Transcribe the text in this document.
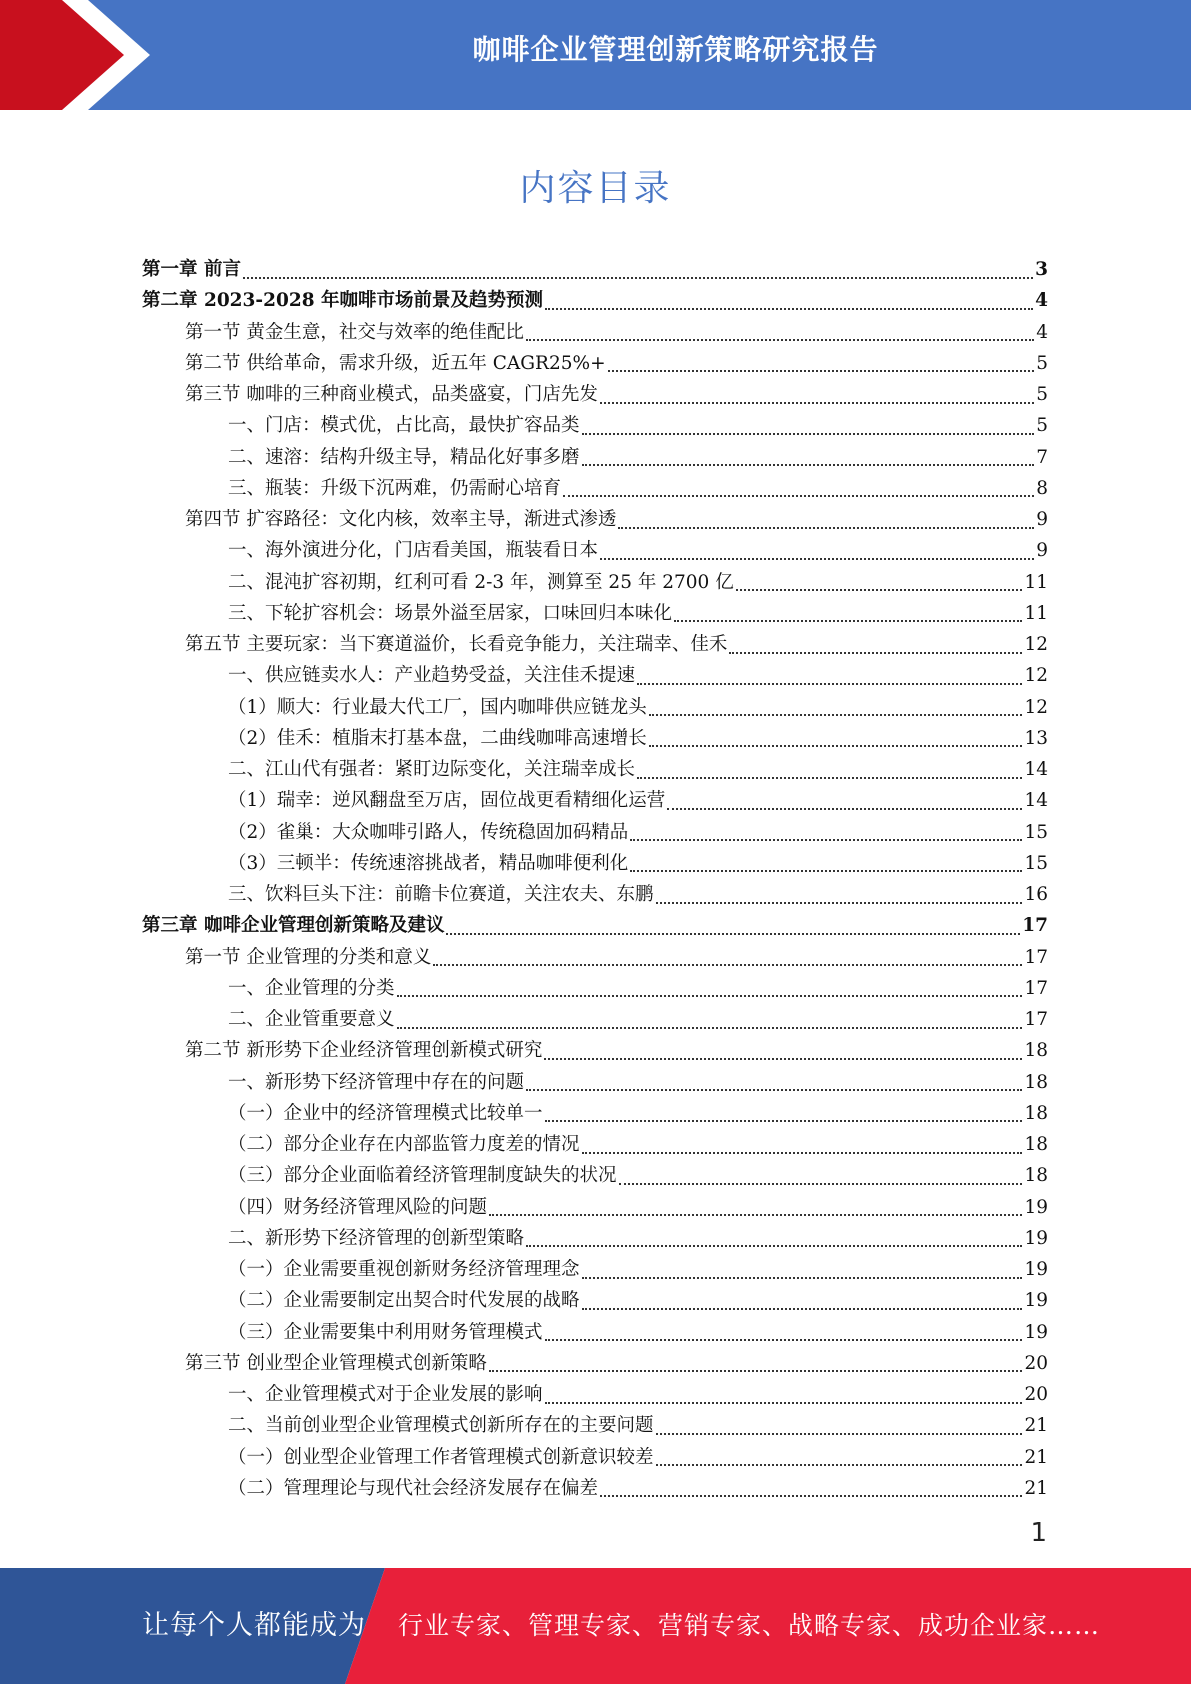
咖啡企业管理创新策略研究报告
内容目录
第一章 前言	3
第二章 2023-2028 年咖啡市场前景及趋势预测	4
第一节 黄金生意，社交与效率的绝佳配比	4
第二节 供给革命，需求升级，近五年 CAGR25%+	5
第三节 咖啡的三种商业模式，品类盛宴，门店先发	5
一、门店：模式优，占比高，最快扩容品类	5
二、速溶：结构升级主导，精品化好事多磨	7
三、瓶装：升级下沉两难，仍需耐心培育	8
第四节 扩容路径：文化内核，效率主导，渐进式渗透	9
一、海外演进分化，门店看美国，瓶装看日本	9
二、混沌扩容初期，红利可看 2-3 年，测算至 25 年 2700 亿	11
三、下轮扩容机会：场景外溢至居家，口味回归本味化	11
第五节 主要玩家：当下赛道溢价，长看竞争能力，关注瑞幸、佳禾	12
一、供应链卖水人：产业趋势受益，关注佳禾提速	12
（1）顺大：行业最大代工厂，国内咖啡供应链龙头	12
（2）佳禾：植脂末打基本盘，二曲线咖啡高速增长	13
二、江山代有强者：紧盯边际变化，关注瑞幸成长	14
（1）瑞幸：逆风翻盘至万店，固位战更看精细化运营	14
（2）雀巢：大众咖啡引路人，传统稳固加码精品	15
（3）三顿半：传统速溶挑战者，精品咖啡便利化	15
三、饮料巨头下注：前瞻卡位赛道，关注农夫、东鹏	16
第三章 咖啡企业管理创新策略及建议	17
第一节 企业管理的分类和意义	17
一、企业管理的分类	17
二、企业管重要意义	17
第二节 新形势下企业经济管理创新模式研究	18
一、新形势下经济管理中存在的问题	18
（一）企业中的经济管理模式比较单一	18
（二）部分企业存在内部监管力度差的情况	18
（三）部分企业面临着经济管理制度缺失的状况	18
（四）财务经济管理风险的问题	19
二、新形势下经济管理的创新型策略	19
（一）企业需要重视创新财务经济管理理念	19
（二）企业需要制定出契合时代发展的战略	19
（三）企业需要集中利用财务管理模式	19
第三节 创业型企业管理模式创新策略	20
一、企业管理模式对于企业发展的影响	20
二、当前创业型企业管理模式创新所存在的主要问题	21
（一）创业型企业管理工作者管理模式创新意识较差	21
（二）管理理论与现代社会经济发展存在偏差	21
1
让每个人都能成为 行业专家、管理专家、营销专家、战略专家、成功企业家……
